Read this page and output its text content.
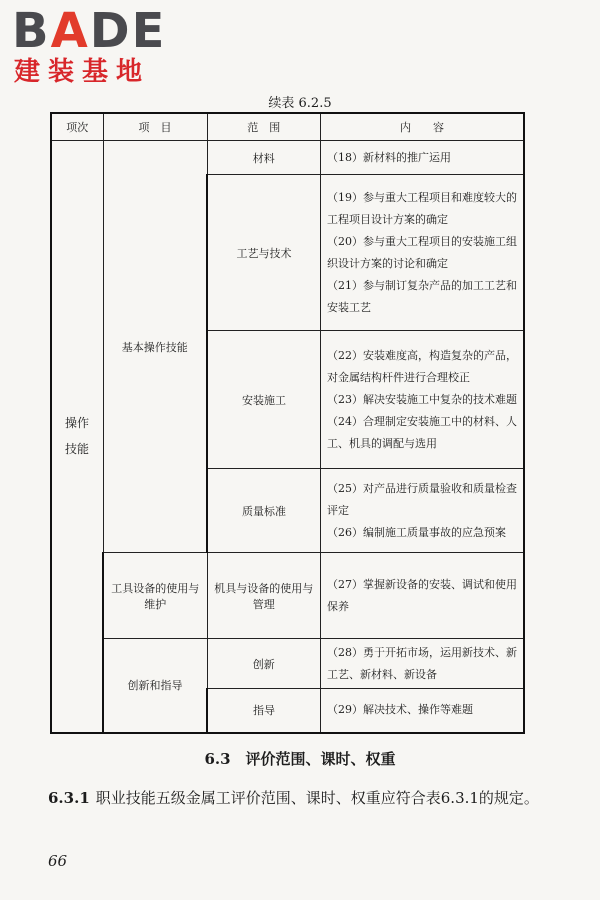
BADE
建装基地
续表 6.2.5
项次	项　目	范　围	内　　容
操作技能	基本操作技能	材料	（18）新材料的推广运用

		工艺与技术	（19）参与重大工程项目和难度较大的工程项目设计方案的确定
（20）参与重大工程项目的安装施工组织设计方案的讨论和确定
（21）参与制订复杂产品的加工工艺和安装工艺

		安装施工	（22）安装难度高，构造复杂的产品，对金属结构杆件进行合理校正
（23）解决安装施工中复杂的技术难题
（24）合理制定安装施工中的材料、人工、机具的调配与选用

		质量标准	（25）对产品进行质量验收和质量检查评定
（26）编制施工质量事故的应急预案

	工具设备的使用与维护	机具与设备的使用与管理	（27）掌握新设备的安装、调试和使用保养

	创新和指导	创新	（28）勇于开拓市场，运用新技术、新工艺、新材料、新设备

		指导	（29）解决技术、操作等难题
6.3　评价范围、课时、权重
6.3.1 职业技能五级金属工评价范围、课时、权重应符合表6.3.1的规定。
66
